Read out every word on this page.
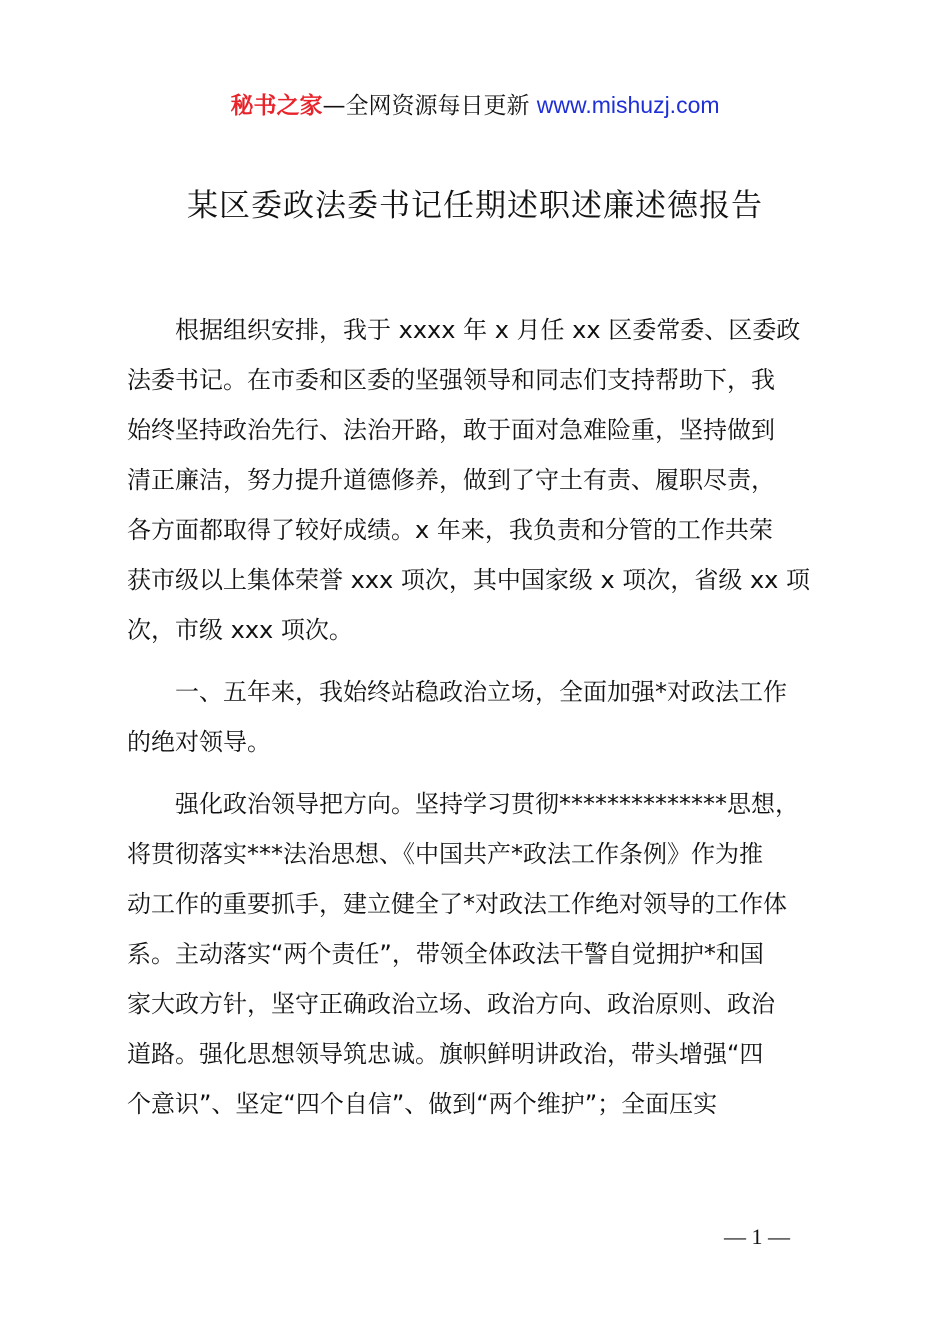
秘书之家—全网资源每日更新 www.mishuzj.com
某区委政法委书记任期述职述廉述德报告
　　根据组织安排，我于 xxxx 年 x 月任 xx 区委常委、区委政
法委书记。在市委和区委的坚强领导和同志们支持帮助下，我
始终坚持政治先行、法治开路，敢于面对急难险重，坚持做到
清正廉洁，努力提升道德修养，做到了守土有责、履职尽责，
各方面都取得了较好成绩。x 年来，我负责和分管的工作共荣
获市级以上集体荣誉 xxx 项次，其中国家级 x 项次，省级 xx 项
次，市级 xxx 项次。
　　一、五年来，我始终站稳政治立场，全面加强*对政法工作
的绝对领导。
　　强化政治领导把方向。坚持学习贯彻**************思想，
将贯彻落实***法治思想、《中国共产*政法工作条例》作为推
动工作的重要抓手，建立健全了*对政法工作绝对领导的工作体
系。主动落实“两个责任”，带领全体政法干警自觉拥护*和国
家大政方针，坚守正确政治立场、政治方向、政治原则、政治
道路。强化思想领导筑忠诚。旗帜鲜明讲政治，带头增强“四
个意识”、坚定“四个自信”、做到“两个维护”；全面压实
— 1 —
